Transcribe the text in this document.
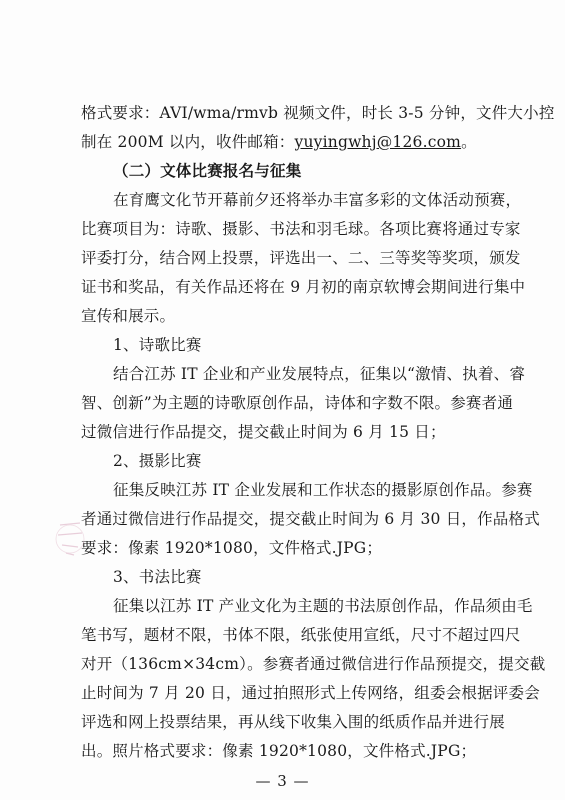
格式要求：AVI/wma/rmvb 视频文件，时长 3-5 分钟，文件大小控
制在 200M 以内，收件邮箱：yuyingwhj@126.com。
（二）文体比赛报名与征集
在育鹰文化节开幕前夕还将举办丰富多彩的文体活动预赛，
比赛项目为：诗歌、摄影、书法和羽毛球。各项比赛将通过专家
评委打分，结合网上投票，评选出一、二、三等奖等奖项，颁发
证书和奖品，有关作品还将在 9 月初的南京软博会期间进行集中
宣传和展示。
1、诗歌比赛
结合江苏 IT 企业和产业发展特点，征集以“激情、执着、睿
智、创新”为主题的诗歌原创作品，诗体和字数不限。参赛者通
过微信进行作品提交，提交截止时间为 6 月 15 日；
2、摄影比赛
征集反映江苏 IT 企业发展和工作状态的摄影原创作品。参赛
者通过微信进行作品提交，提交截止时间为 6 月 30 日，作品格式
要求：像素 1920*1080，文件格式.JPG；
3、书法比赛
征集以江苏 IT 产业文化为主题的书法原创作品，作品须由毛
笔书写，题材不限，书体不限，纸张使用宣纸，尺寸不超过四尺
对开（136cm×34cm）。参赛者通过微信进行作品预提交，提交截
止时间为 7 月 20 日，通过拍照形式上传网络，组委会根据评委会
评选和网上投票结果，再从线下收集入围的纸质作品并进行展
出。照片格式要求：像素 1920*1080，文件格式.JPG；
— 3 —
